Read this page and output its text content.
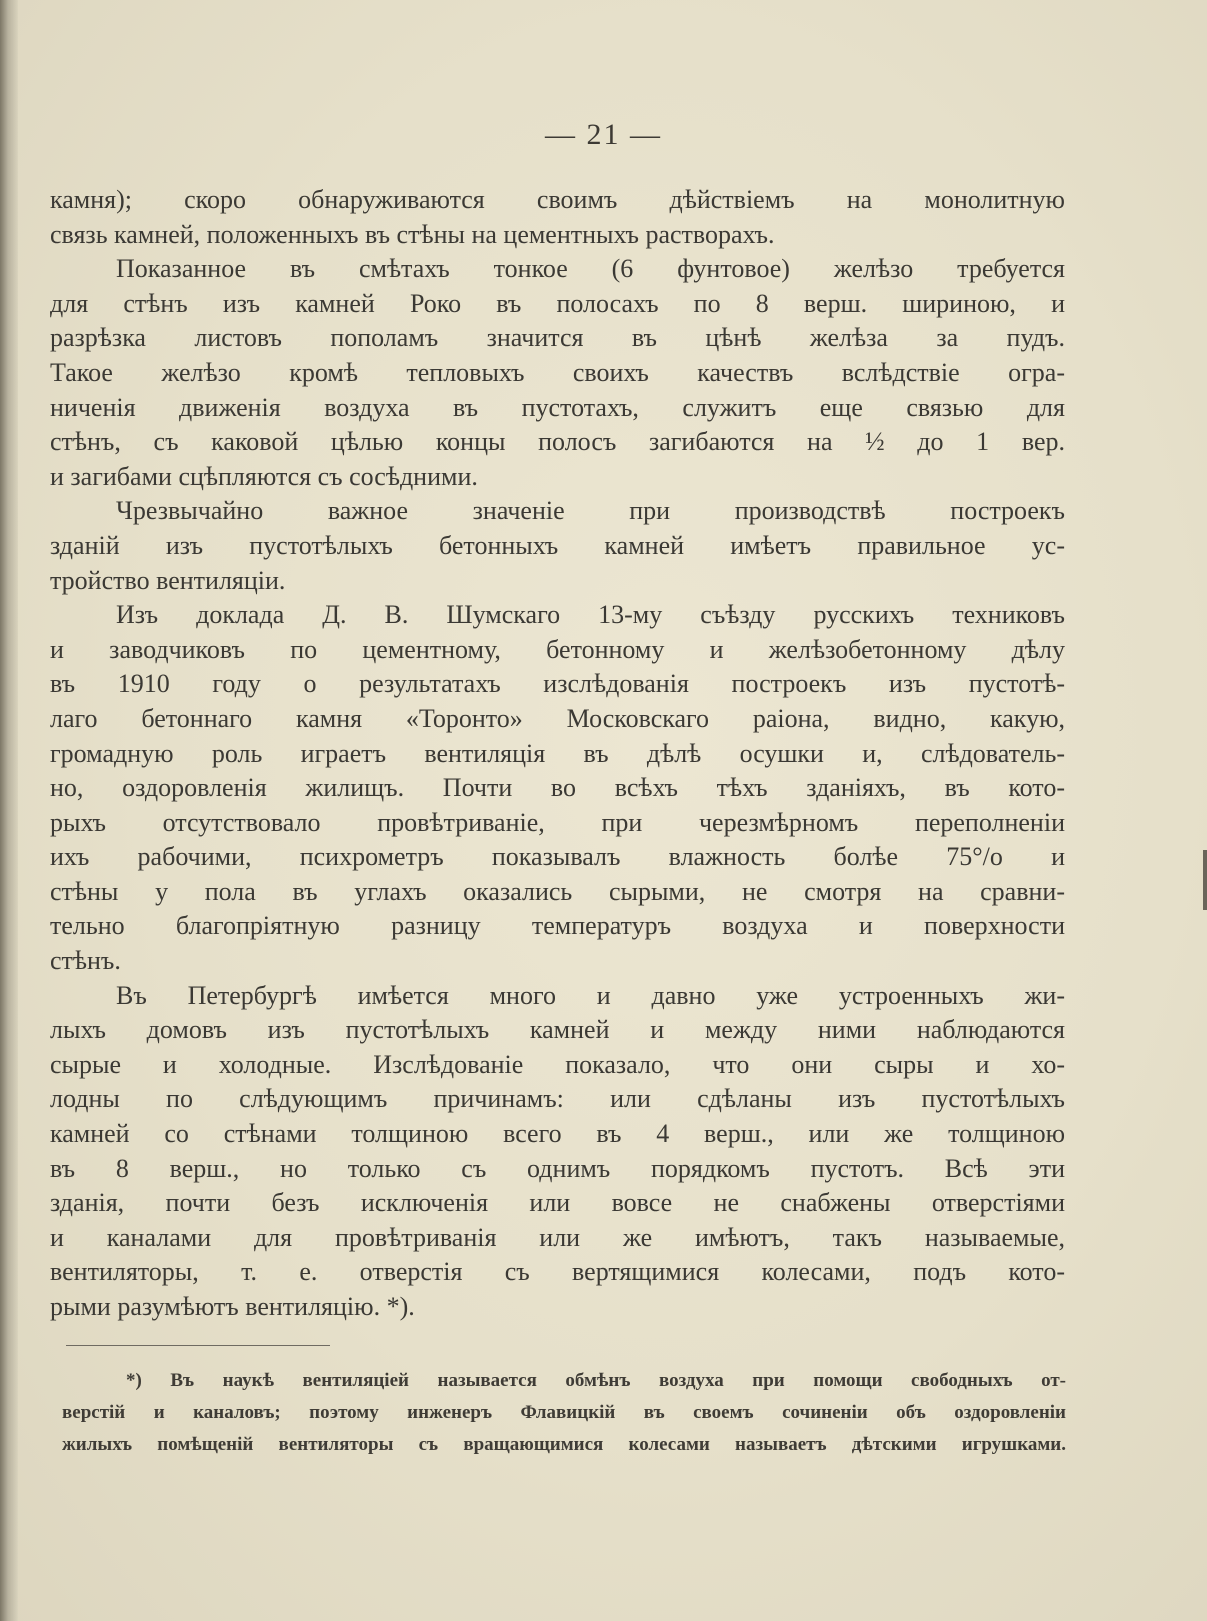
— 21 —
камня); скоро обнаруживаются своимъ дѣйствіемъ на монолитную
связь камней, положенныхъ въ стѣны на цементныхъ растворахъ.
Показанное въ смѣтахъ тонкое (6 фунтовое) желѣзо требуется
для стѣнъ изъ камней Роко въ полосахъ по 8 верш. шириною, и
разрѣзка листовъ пополамъ значится въ цѣнѣ желѣза за пудъ.
Такое желѣзо кромѣ тепловыхъ своихъ качествъ вслѣдствіе огра-
ниченія движенія воздуха въ пустотахъ, служитъ еще связью для
стѣнъ, съ каковой цѣлью концы полосъ загибаются на ½ до 1 вер.
и загибами сцѣпляются съ сосѣдними.
Чрезвычайно важное значеніе при производствѣ построекъ
зданій изъ пустотѣлыхъ бетонныхъ камней имѣетъ правильное ус-
тройство вентиляціи.
Изъ доклада Д. В. Шумскаго 13-му съѣзду русскихъ техниковъ
и заводчиковъ по цементному, бетонному и желѣзобетонному дѣлу
въ 1910 году о результатахъ изслѣдованія построекъ изъ пустотѣ-
лаго бетоннаго камня «Торонто» Московскаго раіона, видно, какую,
громадную роль играетъ вентиляція въ дѣлѣ осушки и, слѣдователь-
но, оздоровленія жилищъ. Почти во всѣхъ тѣхъ зданіяхъ, въ кото-
рыхъ отсутствовало провѣтриваніе, при черезмѣрномъ переполненіи
ихъ рабочими, психрометръ показывалъ влажность болѣе 75°/о и
стѣны у пола въ углахъ оказались сырыми, не смотря на сравни-
тельно благопріятную разницу температуръ воздуха и поверхности
стѣнъ.
Въ Петербургѣ имѣется много и давно уже устроенныхъ жи-
лыхъ домовъ изъ пустотѣлыхъ камней и между ними наблюдаются
сырые и холодные. Изслѣдованіе показало, что они сыры и хо-
лодны по слѣдующимъ причинамъ: или сдѣланы изъ пустотѣлыхъ
камней со стѣнами толщиною всего въ 4 верш., или же толщиною
въ 8 верш., но только съ однимъ порядкомъ пустотъ. Всѣ эти
зданія, почти безъ исключенія или вовсе не снабжены отверстіями
и каналами для провѣтриванія или же имѣютъ, такъ называемые,
вентиляторы, т. е. отверстія съ вертящимися колесами, подъ кото-
рыми разумѣютъ вентиляцію. *).
*) Въ наукѣ вентиляціей называется обмѣнъ воздуха при помощи свободныхъ от-
верстій и каналовъ; поэтому инженеръ Флавицкій въ своемъ сочиненіи объ оздоровленіи
жилыхъ помѣщеній вентиляторы съ вращающимися колесами называетъ дѣтскими игрушками.
